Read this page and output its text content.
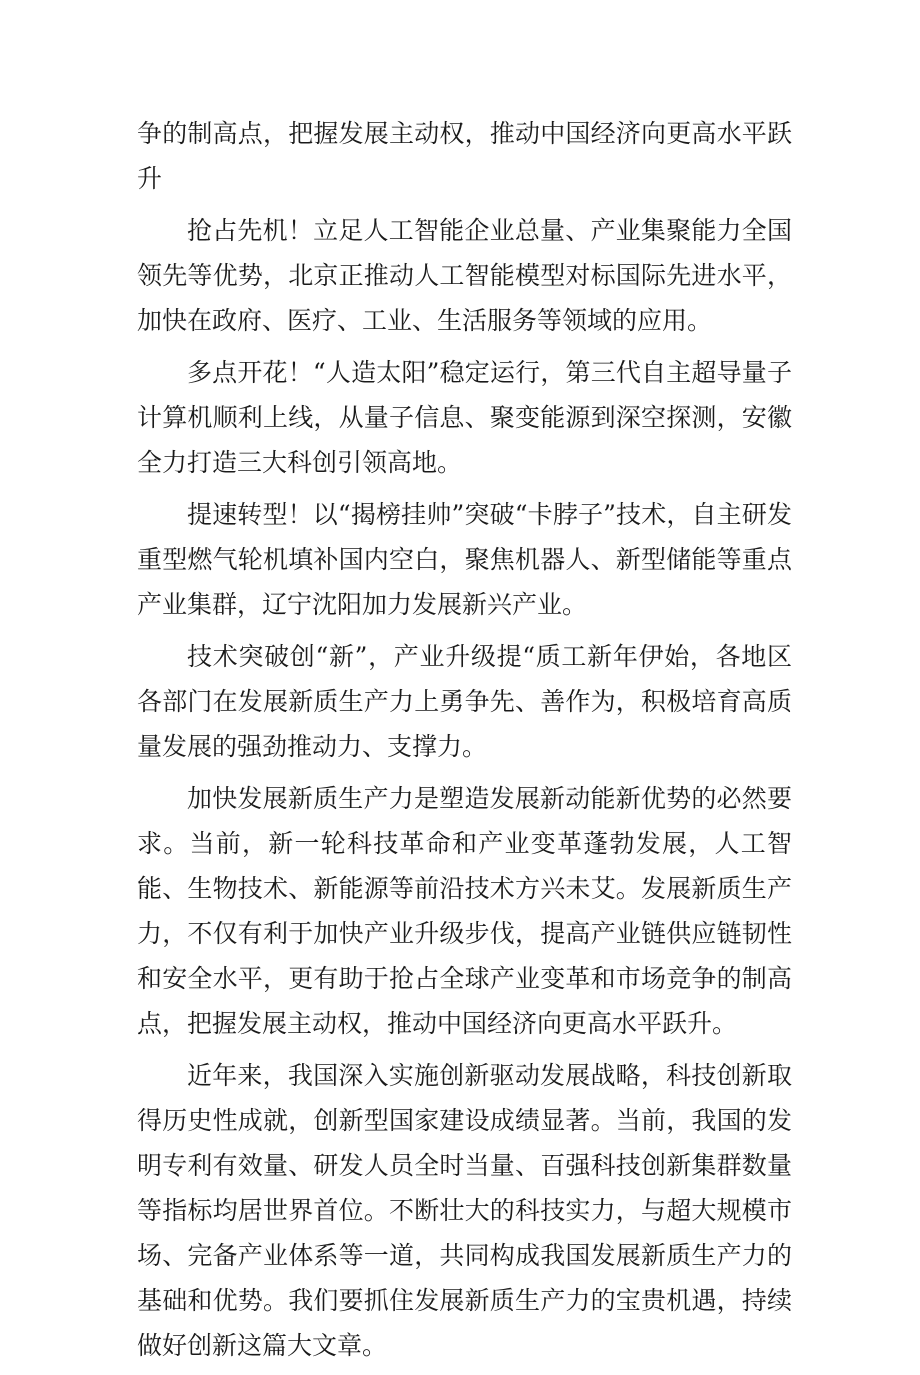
争的制高点，把握发展主动权，推动中国经济向更高水平跃升

抢占先机！立足人工智能企业总量、产业集聚能力全国领先等优势，北京正推动人工智能模型对标国际先进水平，加快在政府、医疗、工业、生活服务等领域的应用。

多点开花！“人造太阳”稳定运行，第三代自主超导量子计算机顺利上线，从量子信息、聚变能源到深空探测，安徽全力打造三大科创引领高地。

提速转型！以“揭榜挂帅”突破“卡脖子”技术，自主研发重型燃气轮机填补国内空白，聚焦机器人、新型储能等重点产业集群，辽宁沈阳加力发展新兴产业。

技术突破创“新”，产业升级提“质工新年伊始，各地区各部门在发展新质生产力上勇争先、善作为，积极培育高质量发展的强劲推动力、支撑力。

加快发展新质生产力是塑造发展新动能新优势的必然要求。当前，新一轮科技革命和产业变革蓬勃发展，人工智能、生物技术、新能源等前沿技术方兴未艾。发展新质生产力，不仅有利于加快产业升级步伐，提高产业链供应链韧性和安全水平，更有助于抢占全球产业变革和市场竞争的制高点，把握发展主动权，推动中国经济向更高水平跃升。

近年来，我国深入实施创新驱动发展战略，科技创新取得历史性成就，创新型国家建设成绩显著。当前，我国的发明专利有效量、研发人员全时当量、百强科技创新集群数量等指标均居世界首位。不断壮大的科技实力，与超大规模市场、完备产业体系等一道，共同构成我国发展新质生产力的基础和优势。我们要抓住发展新质生产力的宝贵机遇，持续做好创新这篇大文章。
